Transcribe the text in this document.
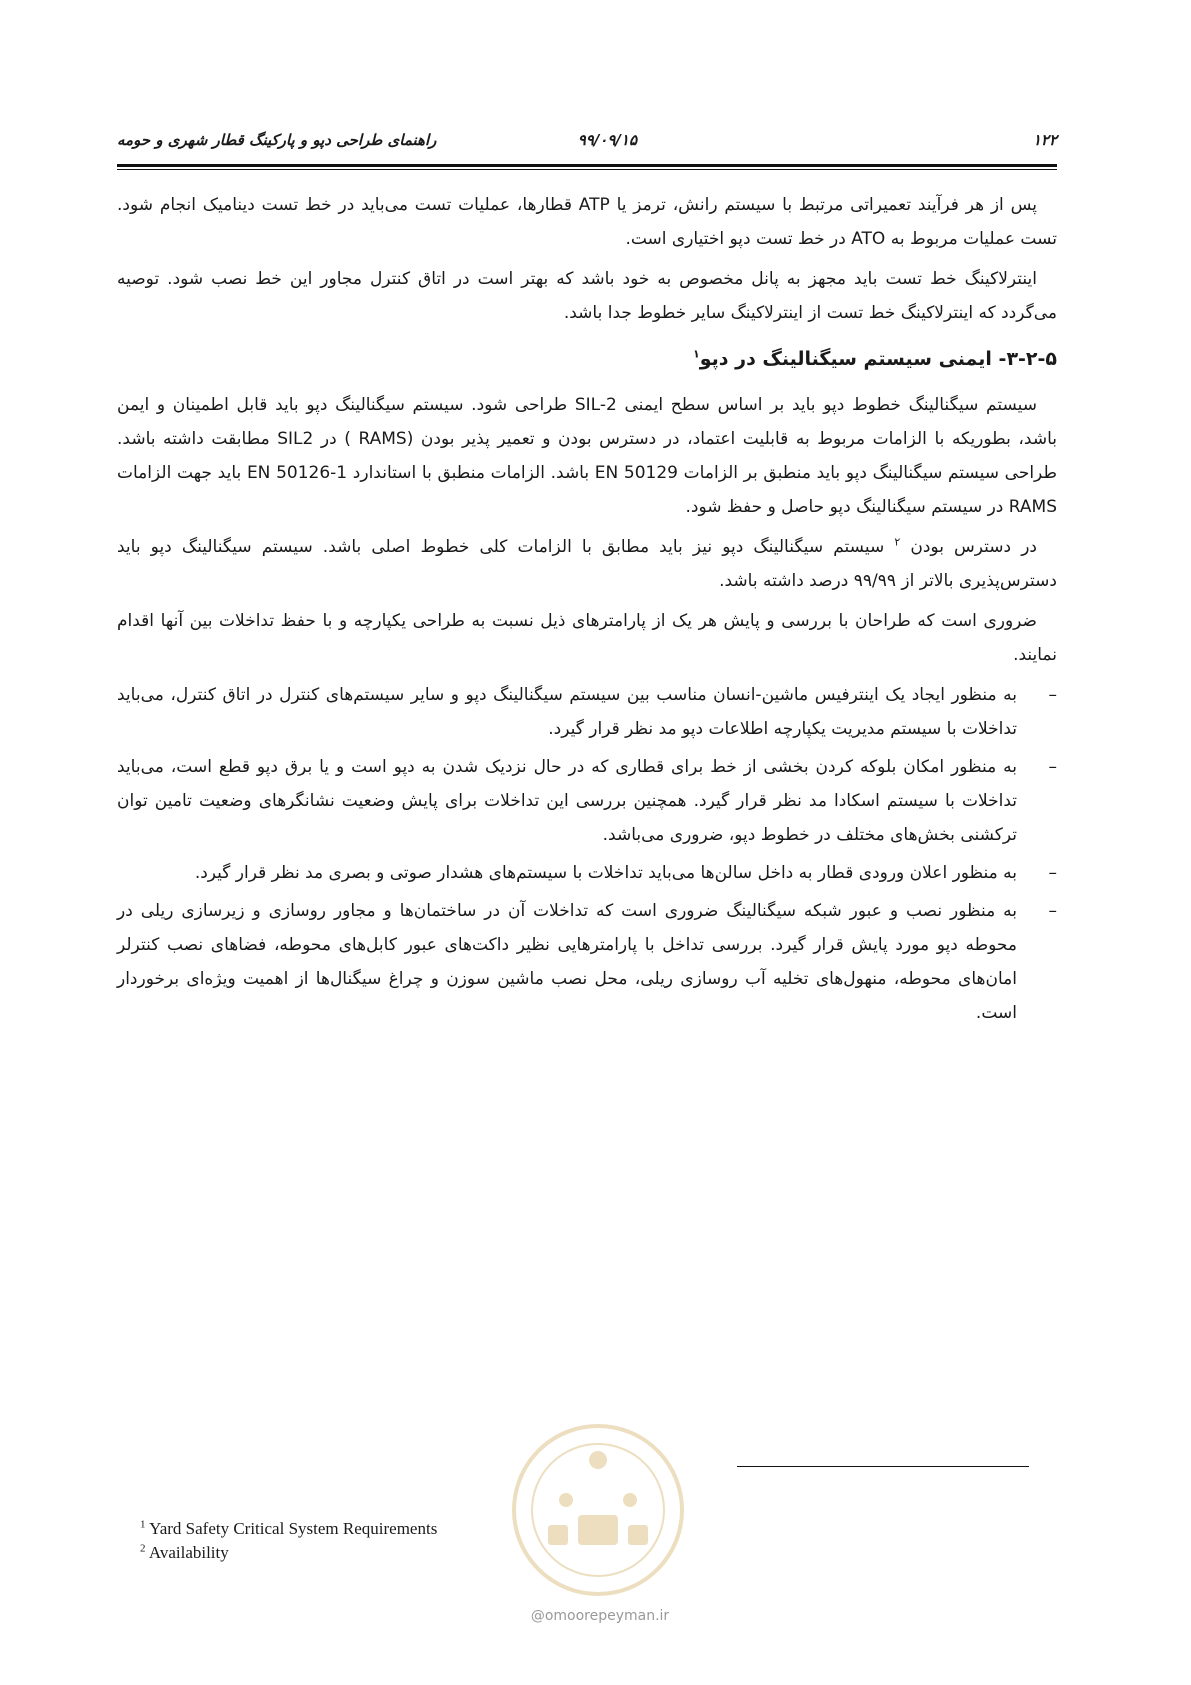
۱۲۲
۹۹/۰۹/۱۵
راهنمای طراحی دپو و پارکینگ قطار شهری و حومه

پس از هر فرآیند تعمیراتی مرتبط با سیستم رانش، ترمز یا ATP قطارها، عملیات تست می‌باید در خط تست دینامیک انجام شود. تست عملیات مربوط به ATO در خط تست دپو اختیاری است.

اینترلاکینگ خط تست باید مجهز به پانل مخصوص به خود باشد که بهتر است در اتاق کنترل مجاور این خط نصب شود. توصیه می‌گردد که اینترلاکینگ خط تست از اینترلاکینگ سایر خطوط جدا باشد.

۳-۲-۵- ایمنی سیستم سیگنالینگ در دپو$^۱$

سیستم سیگنالینگ خطوط دپو باید بر اساس سطح ایمنی SIL-2 طراحی شود. سیستم سیگنالینگ دپو باید قابل اطمینان و ایمن باشد، بطوریکه با الزامات مربوط به قابلیت اعتماد، در دسترس بودن و تعمیر پذیر بودن (RAMS ) در SIL2 مطابقت داشته باشد. طراحی سیستم سیگنالینگ دپو باید منطبق بر الزامات EN 50129 باشد. الزامات منطبق با استاندارد EN 50126-1 باید جهت الزامات RAMS در سیستم سیگنالینگ دپو حاصل و حفظ شود.

در دسترس بودن $^۲$ سیستم سیگنالینگ دپو نیز باید مطابق با الزامات کلی خطوط اصلی باشد. سیستم سیگنالینگ دپو باید دسترس‌پذیری بالاتر از ۹۹/۹۹ درصد داشته باشد.

ضروری است که طراحان با بررسی و پایش هر یک از پارامترهای ذیل نسبت به طراحی یکپارچه و با حفظ تداخلات بین آنها اقدام نمایند.

–
به منظور ایجاد یک اینترفیس ماشین-انسان مناسب بین سیستم سیگنالینگ دپو و سایر سیستم‌های کنترل در اتاق کنترل، می‌باید تداخلات با سیستم مدیریت یکپارچه اطلاعات دپو مد نظر قرار گیرد.
–
به منظور امکان بلوکه کردن بخشی از خط برای قطاری که در حال نزدیک شدن به دپو است و یا برق دپو قطع است، می‌باید تداخلات با سیستم اسکادا مد نظر قرار گیرد. همچنین بررسی این تداخلات برای پایش وضعیت نشانگرهای وضعیت تامین توان ترکشنی بخش‌های مختلف در خطوط دپو، ضروری می‌باشد.
–
به منظور اعلان ورودی قطار به داخل سالن‌ها می‌باید تداخلات با سیستم‌های هشدار صوتی و بصری مد نظر قرار گیرد.
–
به منظور نصب و عبور شبکه سیگنالینگ ضروری است که تداخلات آن در ساختمان‌ها و مجاور روسازی و زیرسازی ریلی در محوطه دپو مورد پایش قرار گیرد. بررسی تداخل با پارامترهایی نظیر داکت‌های عبور کابل‌های محوطه، فضاهای نصب کنترلر امان‌های محوطه، منهول‌های تخلیه آب روسازی ریلی، محل نصب ماشین سوزن و چراغ سیگنال‌ها از اهمیت ویژه‌ای برخوردار است.
$^1$ Yard Safety Critical System Requirements
$^2$ Availability
@omoorepeyman.ir
